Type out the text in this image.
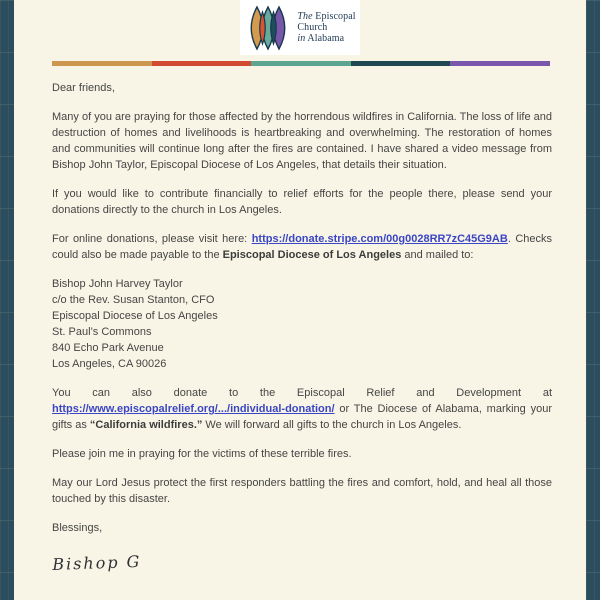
The Episcopal
Church
in Alabama

Dear friends,

Many of you are praying for those affected by the horrendous wildfires in California. The loss of life and destruction of homes and livelihoods is heartbreaking and overwhelming. The restoration of homes and communities will continue long after the fires are contained. I have shared a video message from Bishop John Taylor, Episcopal Diocese of Los Angeles, that details their situation.

If you would like to contribute financially to relief efforts for the people there, please send your donations directly to the church in Los Angeles.

For online donations, please visit here: https://donate.stripe.com/00g0028RR7zC45G9AB. Checks could also be made payable to the Episcopal Diocese of Los Angeles and mailed to:

Bishop John Harvey Taylor
c/o the Rev. Susan Stanton, CFO
Episcopal Diocese of Los Angeles
St. Paul’s Commons
840 Echo Park Avenue
Los Angeles, CA 90026

You can also donate to the Episcopal Relief and Development at https://www.episcopalrelief.org/.../individual-donation/ or The Diocese of Alabama, marking your gifts as “California wildfires.” We will forward all gifts to the church in Los Angeles.

Please join me in praying for the victims of these terrible fires.

May our Lord Jesus protect the first responders battling the fires and comfort, hold, and heal all those touched by this disaster.

Blessings,

Bishop G
